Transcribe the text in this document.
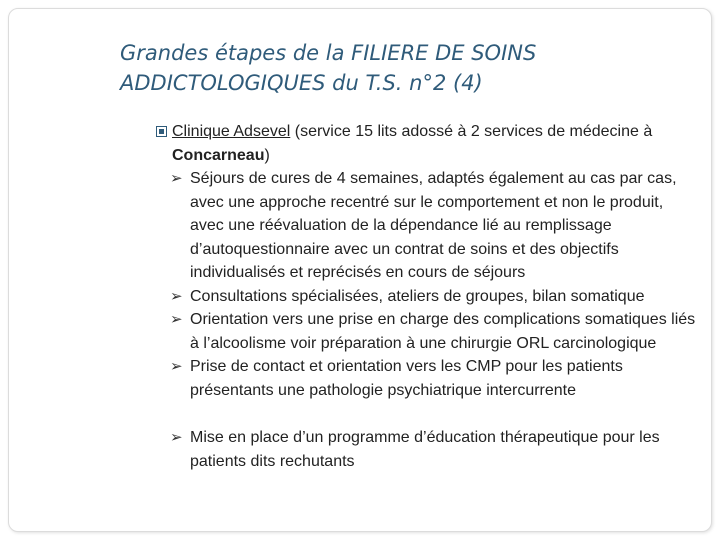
Grandes étapes de la FILIERE DE SOINS
ADDICTOLOGIQUES du T.S. n°2 (4)
Clinique Adsevel (service 15 lits adossé à 2 services de médecine à Concarneau)
➢ Séjours de cures de 4 semaines, adaptés également au cas par cas, avec une approche recentré sur le comportement et non le produit, avec une réévaluation de la dépendance lié au remplissage d’autoquestionnaire avec un contrat de soins et des objectifs individualisés et reprécisés en cours de séjours
➢ Consultations spécialisées, ateliers de groupes, bilan somatique
➢ Orientation vers une prise en charge des complications somatiques liés à l’alcoolisme voir préparation à une chirurgie ORL carcinologique
➢ Prise de contact et orientation vers les CMP pour les patients présentants une pathologie psychiatrique intercurrente
➢ Mise en place d’un programme d’éducation thérapeutique pour les patients dits rechutants
